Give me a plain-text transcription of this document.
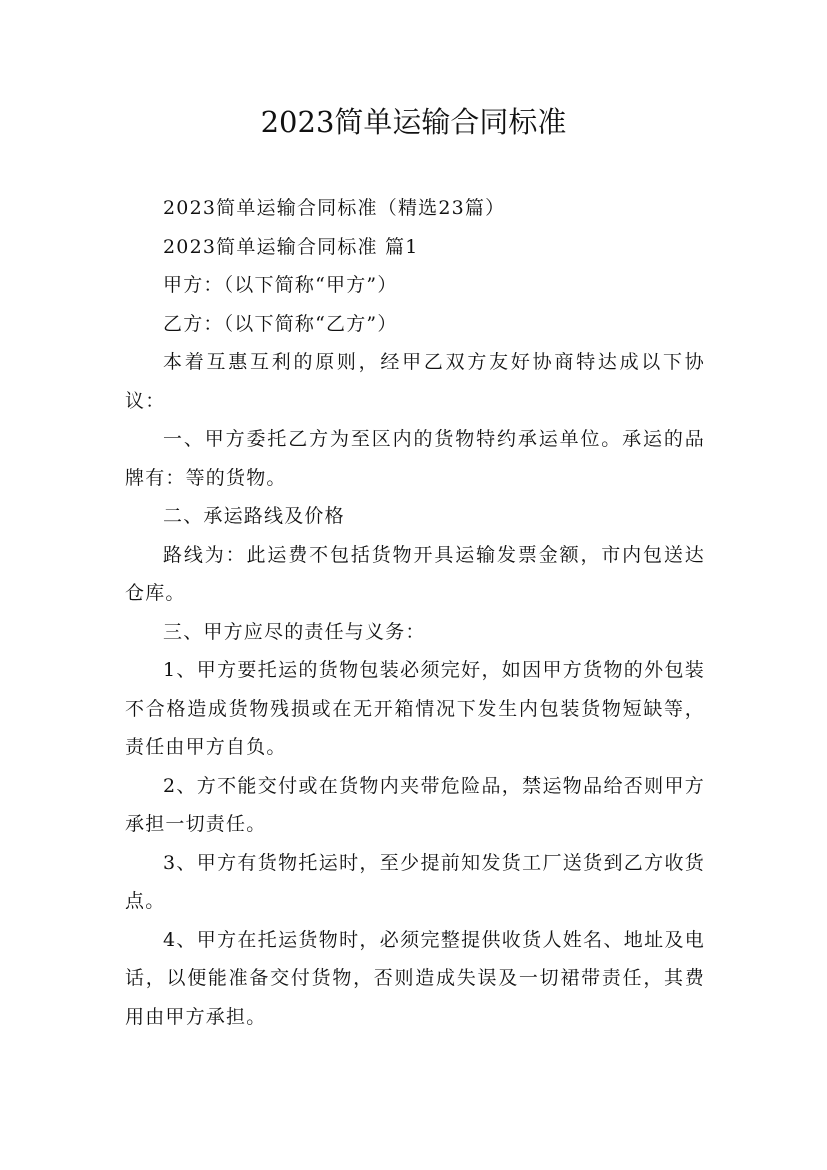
2023简单运输合同标准

2023简单运输合同标准（精选23篇）

2023简单运输合同标准 篇1

甲方：（以下简称“甲方”）

乙方：（以下简称“乙方”）

本着互惠互利的原则，经甲乙双方友好协商特达成以下协议：

一、甲方委托乙方为至区内的货物特约承运单位。承运的品牌有：等的货物。

二、承运路线及价格

路线为：此运费不包括货物开具运输发票金额，市内包送达仓库。

三、甲方应尽的责任与义务：

1、甲方要托运的货物包装必须完好，如因甲方货物的外包装不合格造成货物残损或在无开箱情况下发生内包装货物短缺等，责任由甲方自负。

2、方不能交付或在货物内夹带危险品，禁运物品给否则甲方承担一切责任。

3、甲方有货物托运时，至少提前知发货工厂送货到乙方收货点。

4、甲方在托运货物时，必须完整提供收货人姓名、地址及电话，以便能准备交付货物，否则造成失误及一切裙带责任，其费用由甲方承担。
